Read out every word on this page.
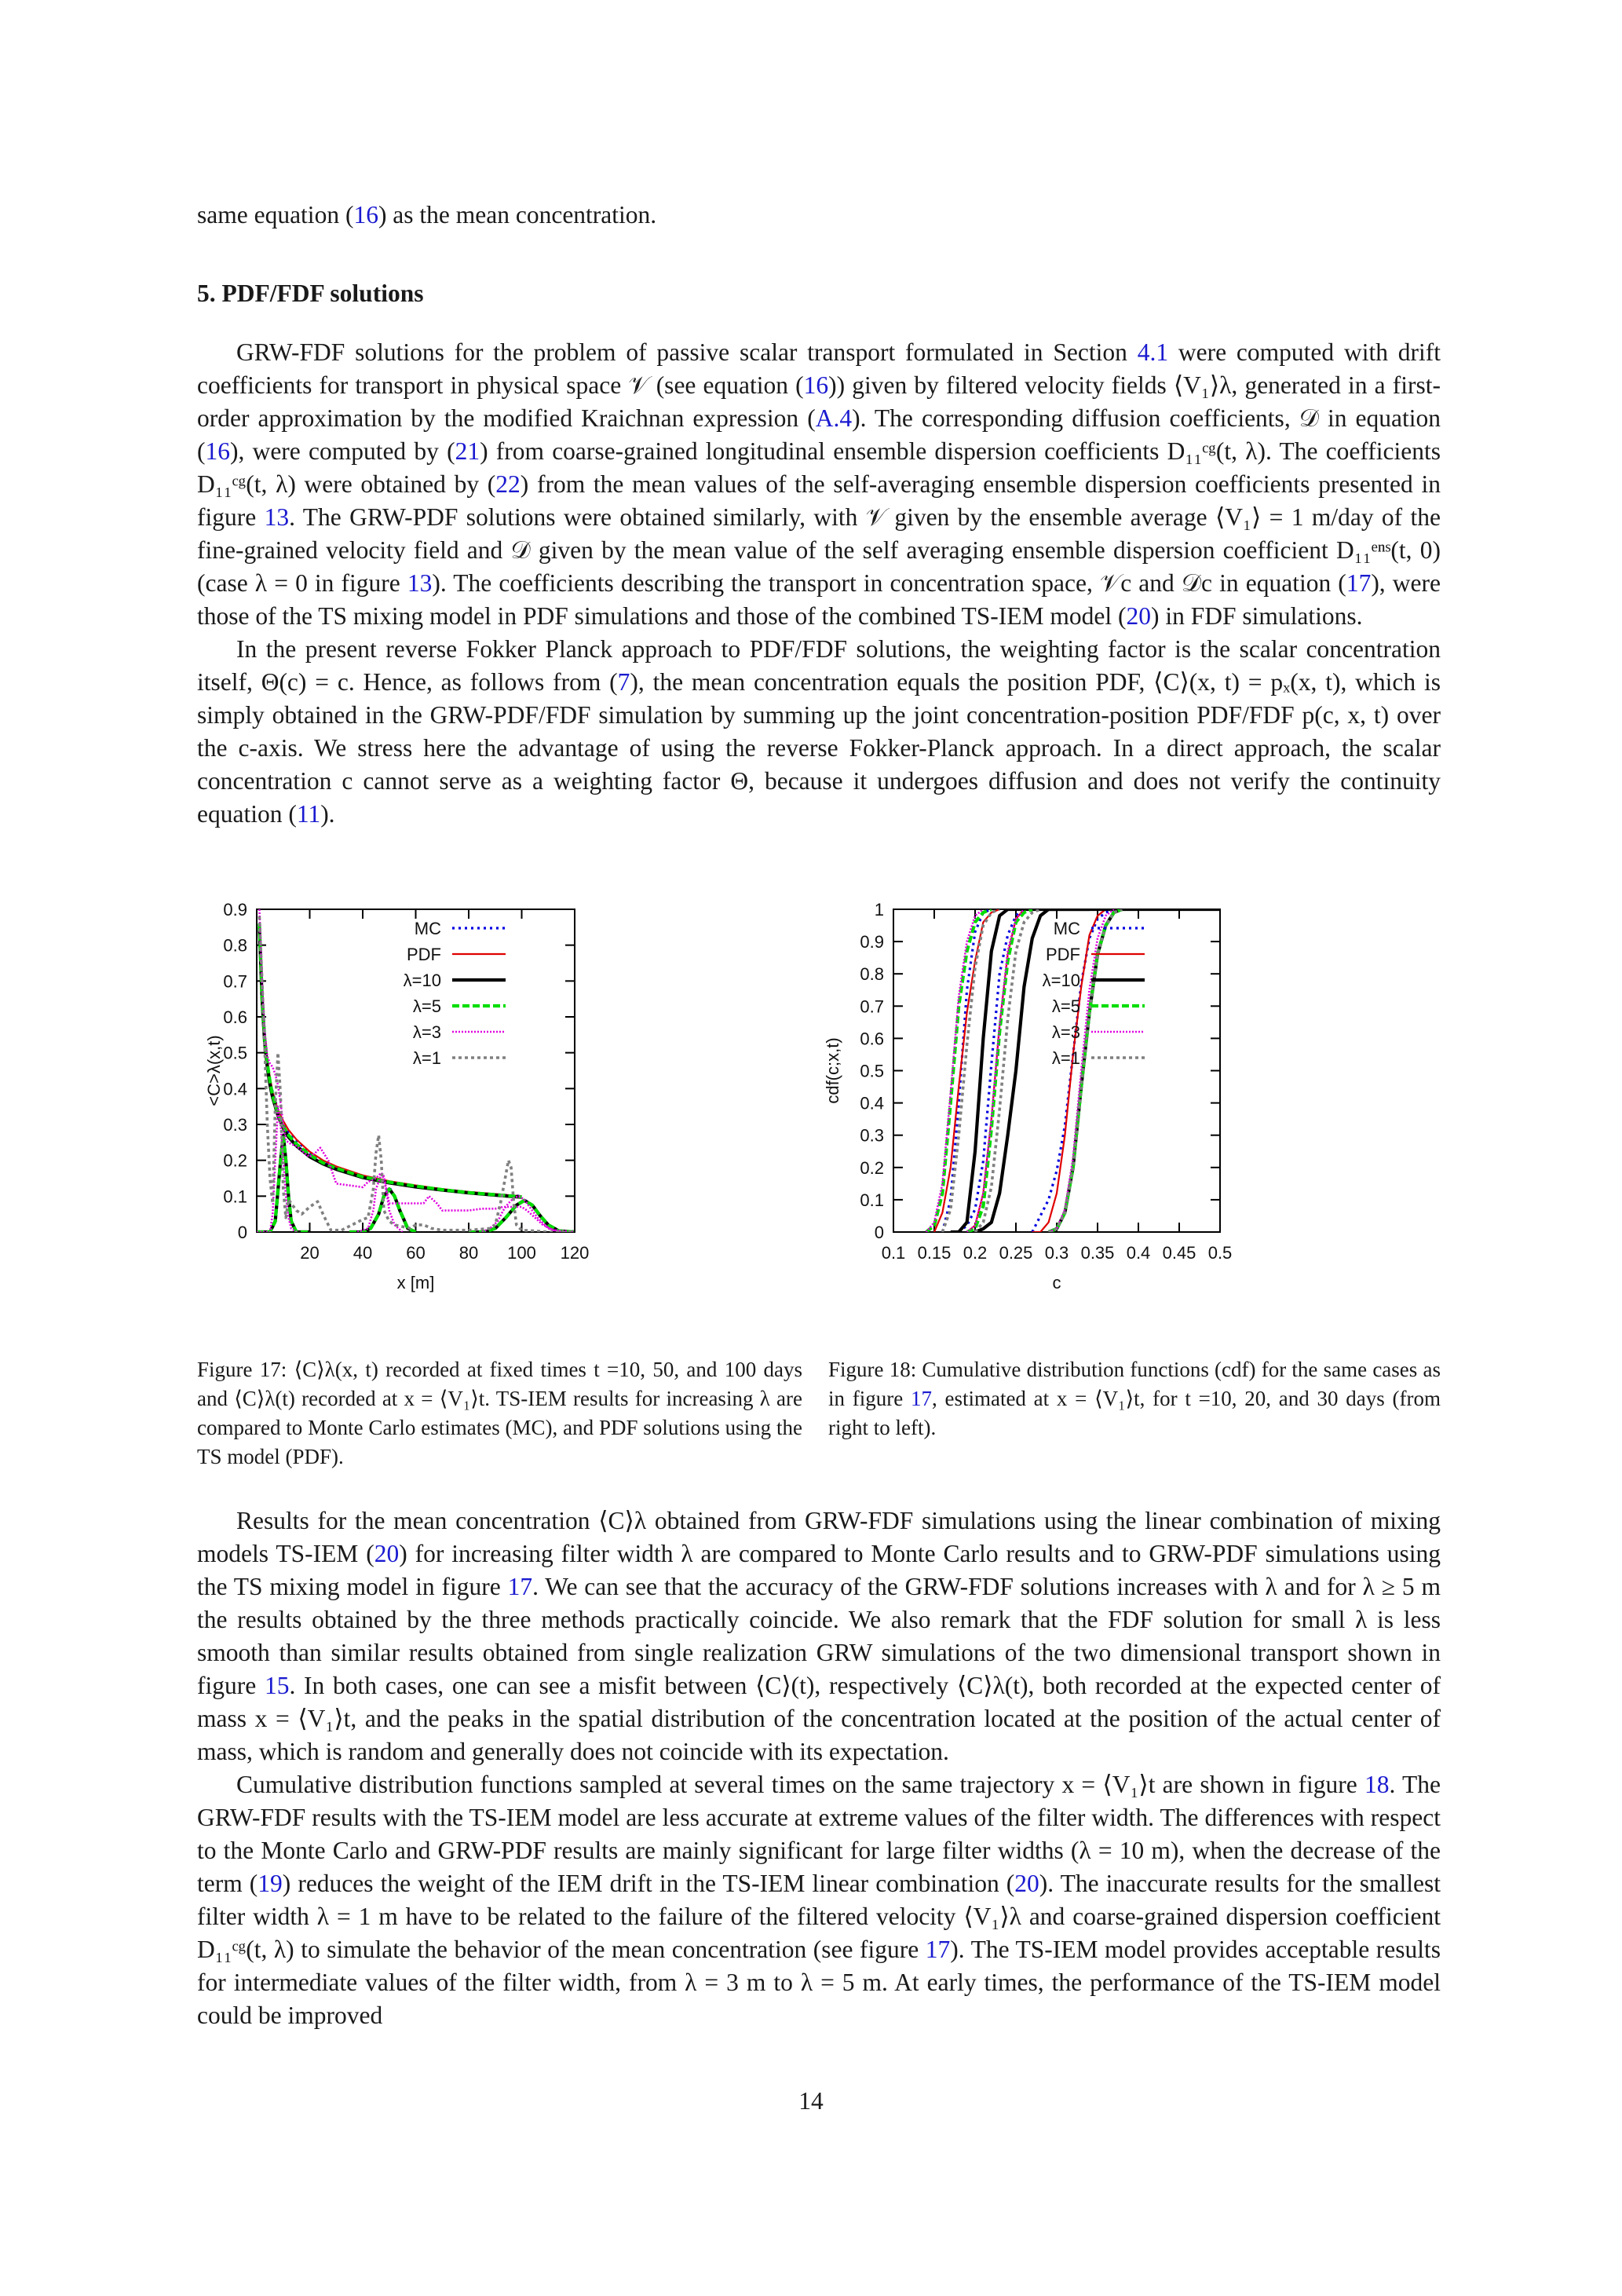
same equation (16) as the mean concentration.
5. PDF/FDF solutions

GRW-FDF solutions for the problem of passive scalar transport formulated in Section 4.1 were computed with drift coefficients for transport in physical space 𝒱 (see equation (16)) given by filtered velocity fields ⟨V₁⟩λ, generated in a first-order approximation by the modified Kraichnan expression (A.4). The corresponding diffusion coefficients, 𝒟 in equation (16), were computed by (21) from coarse-grained longitudinal ensemble dispersion coefficients D₁₁ᶜᵍ(t, λ). The coefficients D₁₁ᶜᵍ(t, λ) were obtained by (22) from the mean values of the self-averaging ensemble dispersion coefficients presented in figure 13. The GRW-PDF solutions were obtained similarly, with 𝒱 given by the ensemble average ⟨V₁⟩ = 1 m/day of the fine-grained velocity field and 𝒟 given by the mean value of the self averaging ensemble dispersion coefficient D₁₁ᵉⁿˢ(t, 0) (case λ = 0 in figure 13). The coefficients describing the transport in concentration space, 𝒱c and 𝒟c in equation (17), were those of the TS mixing model in PDF simulations and those of the combined TS-IEM model (20) in FDF simulations.

In the present reverse Fokker Planck approach to PDF/FDF solutions, the weighting factor is the scalar concentration itself, Θ(c) = c. Hence, as follows from (7), the mean concentration equals the position PDF, ⟨C⟩(x, t) = pₓ(x, t), which is simply obtained in the GRW-PDF/FDF simulation by summing up the joint concentration-position PDF/FDF p(c, x, t) over the c-axis. We stress here the advantage of using the reverse Fokker-Planck approach. In a direct approach, the scalar concentration c cannot serve as a weighting factor Θ, because it undergoes diffusion and does not verify the continuity equation (11).

0
0.1
0.2
0.3
0.4
0.5
0.6
0.7
0.8
0.9
20 40 60 80 100 120
x [m]
<C>λ(x,t)
MC
PDF
λ=10
λ=5
λ=3
λ=1
0
0.1
0.2
0.3
0.4
0.5
0.6
0.7
0.8
0.9
1
0.1 0.15 0.2 0.25 0.3 0.35 0.4 0.45 0.5
c
cdf(c;x,t)
MC
PDF
λ=10
λ=5
λ=3
λ=1
Figure 17: ⟨C⟩λ(x, t) recorded at fixed times t =10, 50, and 100 days and ⟨C⟩λ(t) recorded at x = ⟨V₁⟩t. TS-IEM results for increasing λ are compared to Monte Carlo estimates (MC), and PDF solutions using the TS model (PDF).
Figure 18: Cumulative distribution functions (cdf) for the same cases as in figure 17, estimated at x = ⟨V₁⟩t, for t =10, 20, and 30 days (from right to left).

Results for the mean concentration ⟨C⟩λ obtained from GRW-FDF simulations using the linear combination of mixing models TS-IEM (20) for increasing filter width λ are compared to Monte Carlo results and to GRW-PDF simulations using the TS mixing model in figure 17. We can see that the accuracy of the GRW-FDF solutions increases with λ and for λ ≥ 5 m the results obtained by the three methods practically coincide. We also remark that the FDF solution for small λ is less smooth than similar results obtained from single realization GRW simulations of the two dimensional transport shown in figure 15. In both cases, one can see a misfit between ⟨C⟩(t), respectively ⟨C⟩λ(t), both recorded at the expected center of mass x = ⟨V₁⟩t, and the peaks in the spatial distribution of the concentration located at the position of the actual center of mass, which is random and generally does not coincide with its expectation.

Cumulative distribution functions sampled at several times on the same trajectory x = ⟨V₁⟩t are shown in figure 18. The GRW-FDF results with the TS-IEM model are less accurate at extreme values of the filter width. The differences with respect to the Monte Carlo and GRW-PDF results are mainly significant for large filter widths (λ = 10 m), when the decrease of the term (19) reduces the weight of the IEM drift in the TS-IEM linear combination (20). The inaccurate results for the smallest filter width λ = 1 m have to be related to the failure of the filtered velocity ⟨V₁⟩λ and coarse-grained dispersion coefficient D₁₁ᶜᵍ(t, λ) to simulate the behavior of the mean concentration (see figure 17). The TS-IEM model provides acceptable results for intermediate values of the filter width, from λ = 3 m to λ = 5 m. At early times, the performance of the TS-IEM model could be improved

14
